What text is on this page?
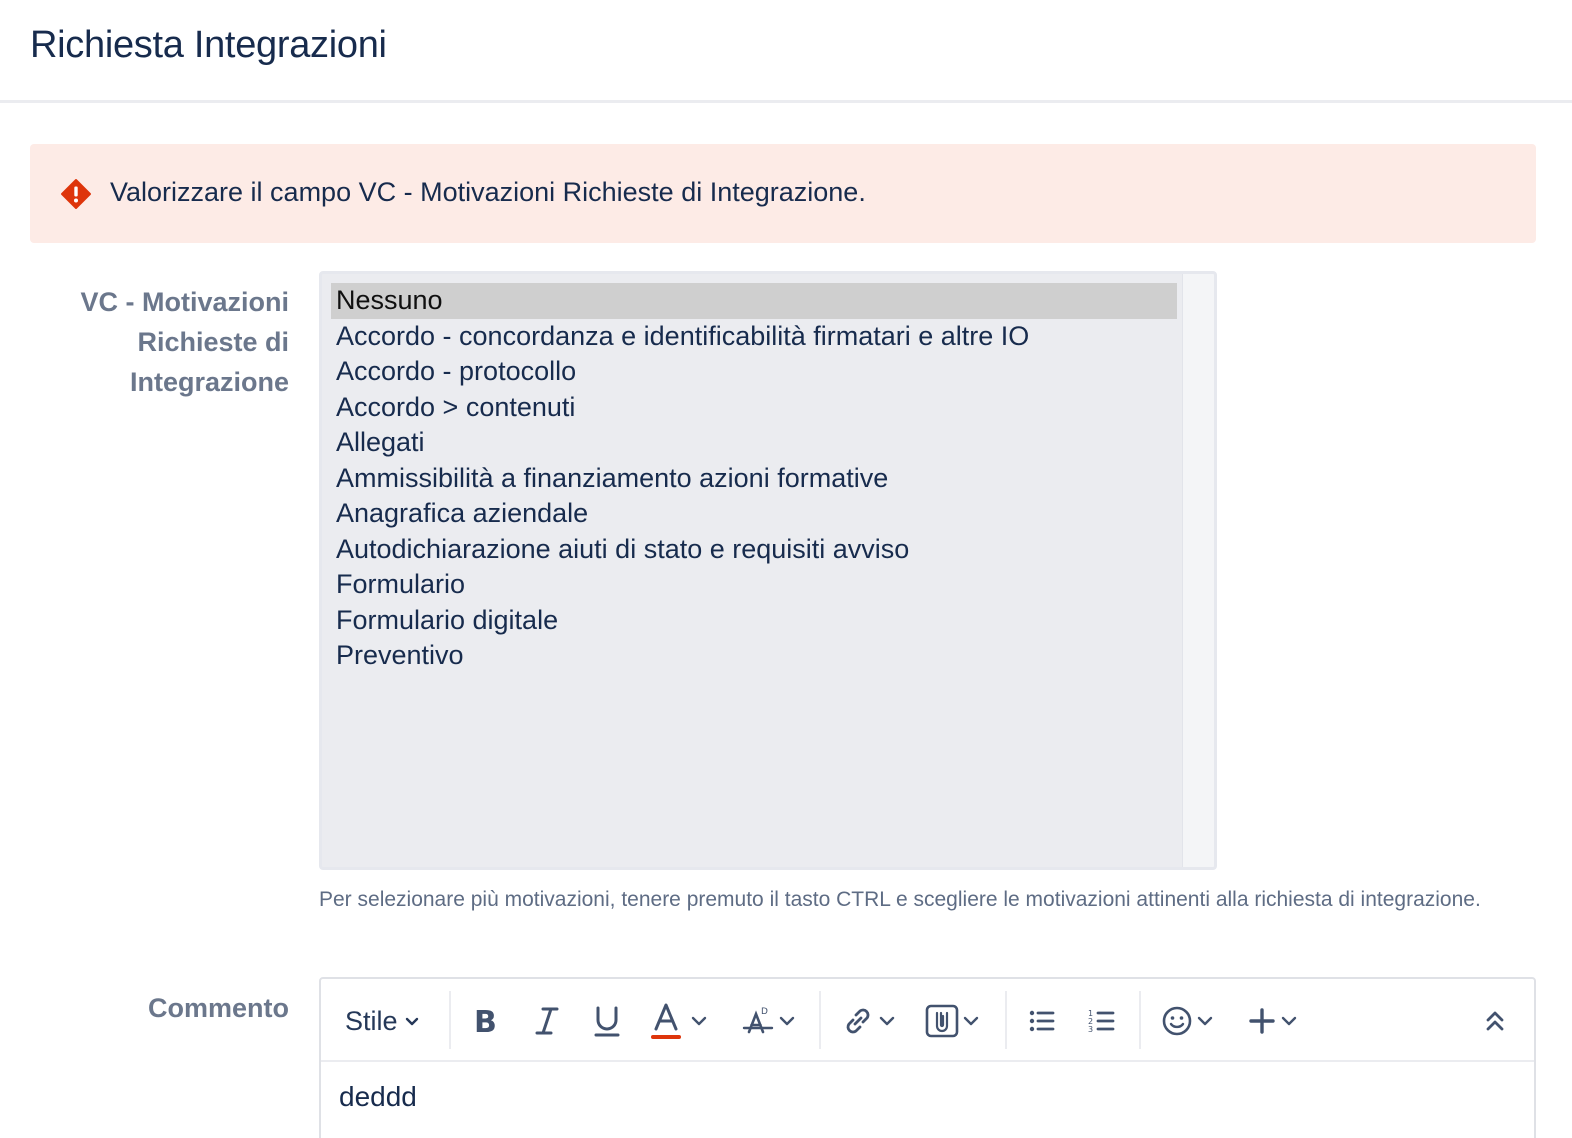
Richiesta Integrazioni
Valorizzare il campo VC - Motivazioni Richieste di Integrazione.
VC - Motivazioni
Richieste di
Integrazione
Nessuno
Accordo - concordanza e identificabilità firmatari e altre IO
Accordo - protocollo
Accordo > contenuti
Allegati
Ammissibilità a finanziamento azioni formative
Anagrafica aziendale
Autodichiarazione aiuti di stato e requisiti avviso
Formulario
Formulario digitale
Preventivo
Per selezionare più motivazioni, tenere premuto il tasto CTRL e scegliere le motivazioni attinenti alla richiesta di integrazione.
Commento Stile	B	D	1
2
3
deddd
